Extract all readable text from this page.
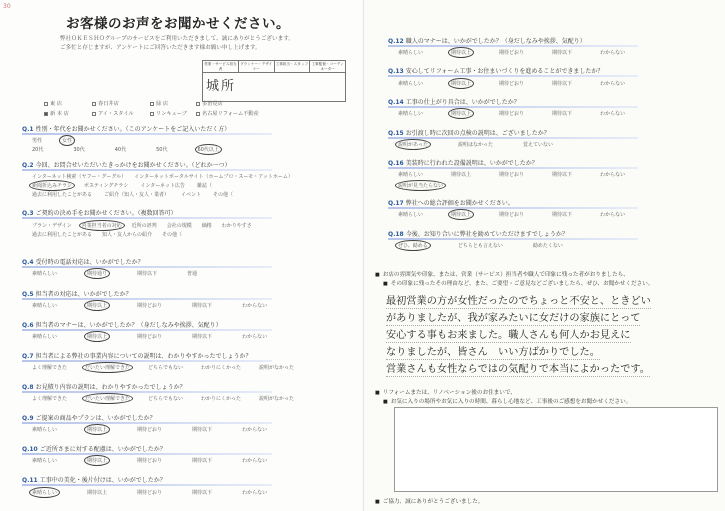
30
お客様のお声をお聞かせください。
弊社ＯＫＥＳＨＯグループのサービスをご利用いただきまして、誠にありがとうございます。
ご多忙と存じますが、アンケートにご回答いただきます様お願い申し上げます。
営業・サービス担当者
プランナー・デザイナー
工事担当・スタッフ 工事監督・コーディネーター
城所
東 店
新 本 店
春日井店
アイ・スタイル
緑 店
リンキューブ
多治見店
名古屋リフォーム不動産
Q.1 性別・年代をお聞かせください。（このアンケートをご記入いただく方）
男性	女性
20代	30代	40代	50代	60代以上
Q.2 今回、お問合せいただいたきっかけをお聞かせください。（どれか一つ）
インターネット検索（ヤフー・グーグル） インターネットポータルサイト（ホームプロ・スーモ・アットホーム）
新聞折込みチラシ ポスティングチラシ インターネット広告 雑誌（
過去に利用したことがある ご紹介（知人・友人・業者） イベント その他（
Q.3 ご契約の決め手をお聞かせください。（複数回答可）
プラン・デザイン 営業担当者の対応 近所の評判 会社の規模 価格 わかりやすさ
過去に利用したことがある 知人・友人からの紹介 その他（
Q.4 受付時の電話対応は、いかがでしたか？
素晴らしい	期待通り	期待以下	普通
Q.5 担当者の対応は、いかがでしたか？
素晴らしい	期待以上	期待どおり	期待以下	わからない
Q.6 担当者のマナーは、いかがでしたか？（身だしなみや挨拶、気配り）
素晴らしい	期待以上	期待どおり	期待以下	わからない
Q.7 担当者による弊社の事業内容についての説明は、わかりやすかったでしょうか？
よく理解できた	だいたい理解できた	どちらでもない	わかりにくかった	説明がなかった
Q.8 お見積り内容の説明は、わかりやすかったでしょうか？
よく理解できた	だいたい理解できた	どちらでもない	わかりにくかった	説明がなかった
Q.9 ご提案の商品やプランは、いかがでしたか？
素晴らしい	期待以上	期待どおり	期待以下	わからない
Q.10 ご近所さまに対する配慮は、いかがでしたか？
素晴らしい	期待以上	期待どおり	期待以下	わからない
Q.11 工事中の美化・後片付けは、いかがでしたか？
素晴らしい	期待以上	期待どおり	期待以下	わからない
Q.12 職人のマナーは、いかがでしたか？（身だしなみや挨拶、気配り）
素晴らしい	期待以上	期待どおり	期待以下	わからない
Q.13 安心してリフォーム工事・お住まいづくりを進めることができましたか？
素晴らしい	期待以上	期待どおり	期待以下	わからない
Q.14 工事の仕上がり具合は、いかがでしたか？
素晴らしい	期待以上	期待どおり	期待以下	わからない
Q.15 お引渡し時に次回の点検の説明は、ございましたか？
説明があった	説明はなかった	覚えていない
Q.16 美装時に行われた設備説明は、いかがでしたか？
素晴らしい	期待以上	期待どおり	期待以下	わからない
説明が見当たらない
Q.17 弊社への総合評価をお聞かせください。
素晴らしい	期待以上	期待どおり	期待以下	わからない
Q.18 今後、お知り合いに弊社を勧めていただけますでしょうか？
ぜひ、勧める	どちらとも言えない	勧めたくない
■ お店の雰囲気や印象、または、営業（サービス）担当者や職人で印象に残った者がおりましたら、
■ その印象に残ったその理由など、また、ご要望・ご意見などございましたら、ぜひ、お聞かせください。
最初営業の方が女性だったのでちょっと不安と、ときどい
がありましたが、我が家みたいに女だけの家族にとって
安心する事もお来ました。職人さんも何人かお見えに
なりましたが、皆さん　いい方ばかりでした。
営業さんも女性ならではの気配りで本当によかったです。
■ リフォームまたは、リノベーション後のお住まいで、
■ お気に入りの場所やお気に入りの時間、暮らし心地など、工事後のご感想をお聞かせください。
■ ご協力、誠にありがとうございました。
